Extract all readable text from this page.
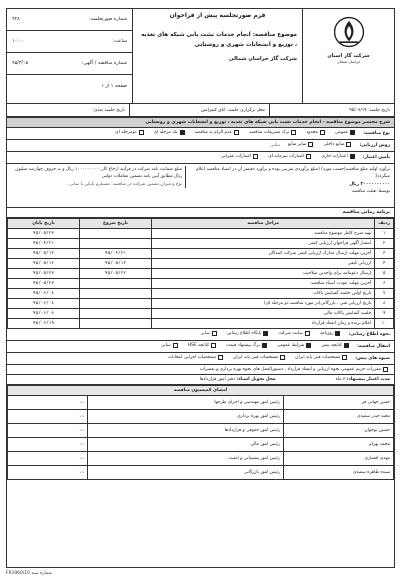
شرکت گاز استان
خراسان شمالی
فرم صورتجلسه پیش از فراخوان
موضوع مناقصه: انجام خدمات نشت یابی شبکه های تغذیه ، توزیع و انشعابات شهری و روستایی
شرکت گاز خراسان شمالی
شماره صورتجلسه:
۹۲۸
ساعت:
۱۰:۰۰
شماره مناقصه / آگهی:
۹۵/۳/۰۵
صفحه ۱ از ۱
تاریخ جلسه:

۹۵/۰۷/۱۹
محل برگزاری جلسه:

اتاق کنفرانس
تاریخ جلسه بعدی:
شرح مختصر موضوع مناقصه - انجام خدمات نشت یابی شبکه های تغذیه ، توزیع و انشعابات شهری و روستایی
نوع مناقصه:
عمومی
محدود
ترک تشریفات مناقصه
عدم الزام به مناقصه
یک مرحله ای
دومرحله ای
روش ارزیابی:
منابع داخلی
سایر منابع
سایر:
تأمین اعتبار:
اعتبارات جاری
اعتبارات سرمایه ای
اعتبارات عمرانی
برآورد اولیه مبلغ مناقصه(حسب مورد) (مبلغ برآوردی تقریبی بوده و برآورد دقیقتر آن در اسناد مناقصه اعلام میگردد):
۲۰۰۰۰۰۰۰۰۰۰ ریال
توسط: هیئت مناقصه
مبلغ ضمانت نامه شرکت در فرآیند ارجاع کار: ۱۰۰۰۰۰۰۰۰۰ ریال و به حروف چهارصد میلیون ریال مطابق آیین نامه تضمین معاملات دولتی
نوع و میزان تضمین شرکت در مناقصه: مستلزم بانکی یا سایر...
برنامه زمانی مناقصه
ردیف	مراحل مناقصه	تاریخ شروع	تاریخ پایان
۱	تهیه شرح کامل موضوع مناقصه		۹۵/۰۵/۲۳
۲	انتشار آگهی فراخوان ارزیابی کیفی		۹۵/۰۴/۲۱
۳	آخرین مهلت ارسال مدارک ارزیابی کیفی شرکت کنندگان	۹۵/۰۴/۲۱	۹۵/۰۵/۱۲
۴	ارزیابی کیفی	۹۵/۰۵/۱۲	۹۵/۰۵/۱۶
۵	ارسال دعوتنامه برای واجدین صلاحیت	۹۵/۰۵/۲۲	۹۵/۰۵/۲۷
۶	آخرین مهلت عودت اسناد مناقصه		۹۵/۰۵/۲۷
۷	تاریخ اولین جلسه گشایش پاکات		۹۵/۰۶/۰۸
۸	تاریخ ارزیابی فنی ، بازرگانی(در مورد مناقصه دو مرحله ای)		۹۵/۰۶/۰۸
۹	جلسه گشایش پاکات مالی		۹۵/۰۶/۰۸
۱۰	اعلام برنده و زمان انعقاد قرارداد		۹۵/۰۶/۱۹
نحوه اطلاع رسانی:
روزنامه
سایت شرکت
پایگاه اطلاع رسانی
سایر
انتقال مناقصه:
کتابچه پیش
شرایط عمومی
برگ پیشنهاد قیمت
کتابچه HSE
ساير
شیوه های پیش:
مشخصات فنی پایه ایران
مشخصات فنی پایه ایران
مشخصات اجرایی انتخابات
مقررات حریم عمومی نحوه ارزیابی و انعقاد قرارداد , دستورالعمل های نحوه بهره برداری و تعمیرات
مدت اعتبار پیشنهاد:

۳ ماه
محل تحویل اسناد:

دفتر امور قراردادها
امضای کمیسیون مناقصه		
حسن جهانی فر	رئیس امور مهندسی و اجرای طرحها	〰
مجید حیدر سعیدی	رئیس امور بهره برداری	〰
حسین نوجوان	رئیس امور حقوقی و قراردادها	〰
محمد بهرام	رئیس امور مالی	〰
مهدی افشاری	رئیس امور پشتیبانی و امنیت	〰
سیده طاهره سعیدی	رئیس امور بازرگانی	〰
FR1960/10 شماره سند
